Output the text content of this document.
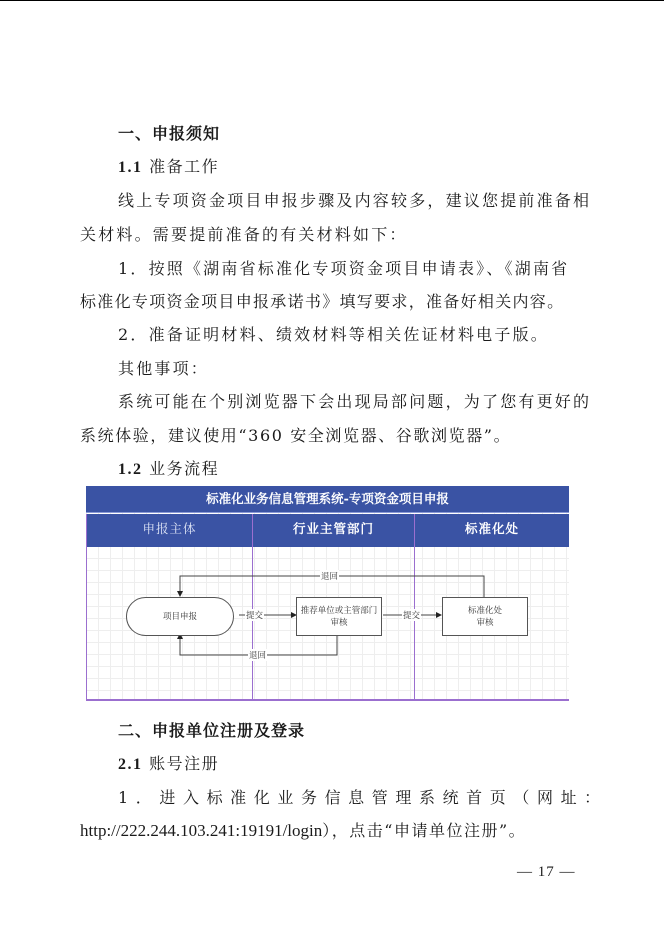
一、申报须知
1.1 准备工作
线上专项资金项目申报步骤及内容较多，建议您提前准备相
关材料。需要提前准备的有关材料如下：
1．按照《湖南省标准化专项资金项目申请表》、《湖南省
标准化专项资金项目申报承诺书》填写要求，准备好相关内容。
2．准备证明材料、绩效材料等相关佐证材料电子版。
其他事项：
系统可能在个别浏览器下会出现局部问题，为了您有更好的
系统体验，建议使用“360 安全浏览器、谷歌浏览器”。
1.2 业务流程
标准化业务信息管理系统-专项资金项目申报
申报主体	行业主管部门	标准化处
项目申报
推荐单位或主管部门
审核
标准化处
审核
提交	提交
退回
退回
二、申报单位注册及登录
2.1 账号注册
1．进入标准化业务信息管理系统首页（网址：
http://222.244.103.241:19191/login），点击“申请单位注册”。
— 17 —
